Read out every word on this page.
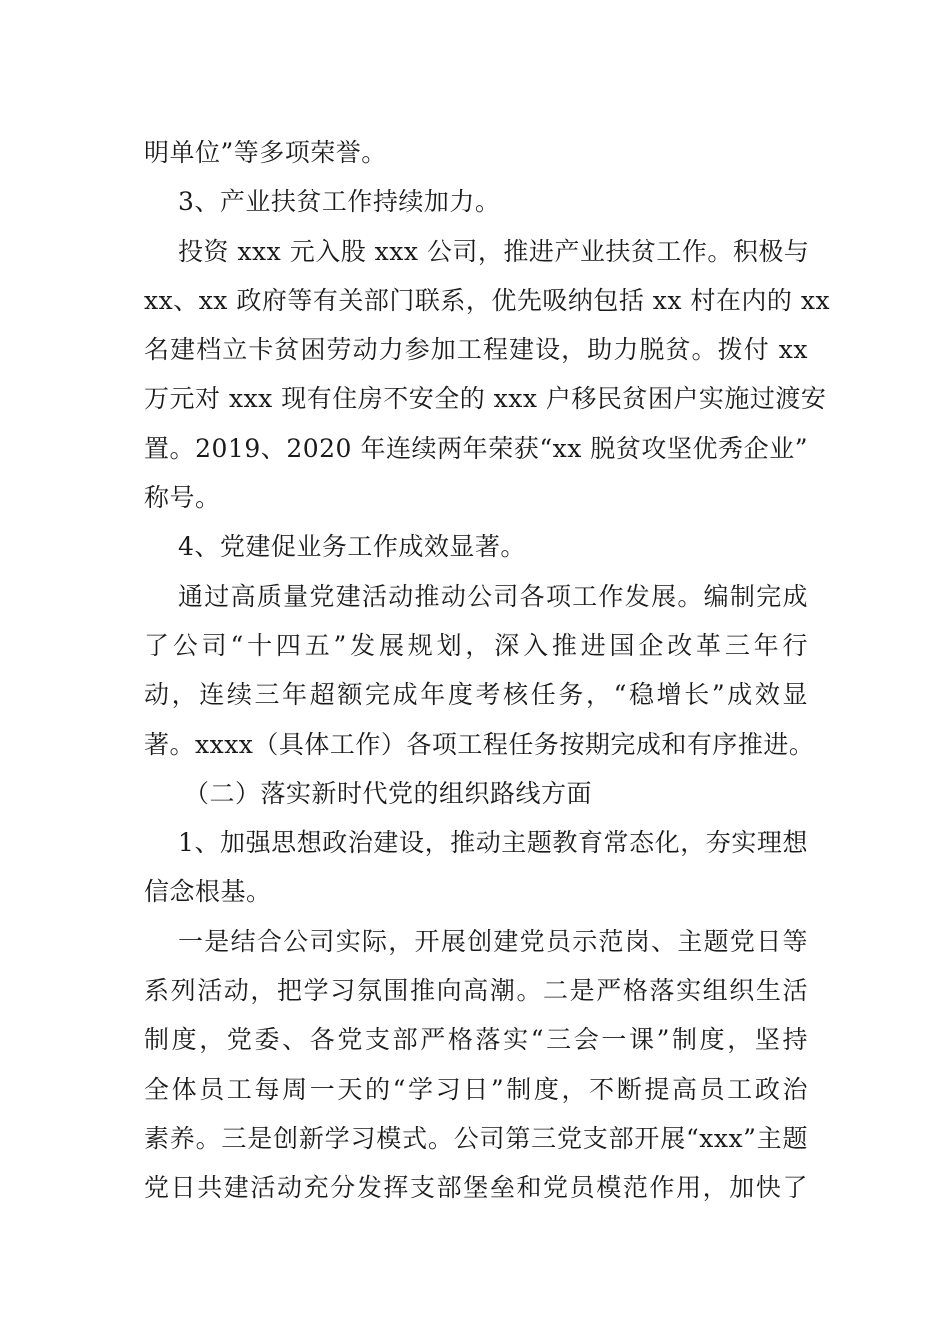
明单位”等多项荣誉。
3、产业扶贫工作持续加力。
投资 xxx 元入股 xxx 公司，推进产业扶贫工作。积极与
xx、xx 政府等有关部门联系，优先吸纳包括 xx 村在内的 xx
名建档立卡贫困劳动力参加工程建设，助力脱贫。拨付 xx
万元对 xxx 现有住房不安全的 xxx 户移民贫困户实施过渡安
置。2019、2020 年连续两年荣获“xx 脱贫攻坚优秀企业”
称号。
4、党建促业务工作成效显著。
通过高质量党建活动推动公司各项工作发展。编制完成
了公司“十四五”发展规划，深入推进国企改革三年行
动，连续三年超额完成年度考核任务，“稳增长”成效显
著。xxxx（具体工作）各项工程任务按期完成和有序推进。
（二）落实新时代党的组织路线方面
1、加强思想政治建设，推动主题教育常态化，夯实理想
信念根基。
一是结合公司实际，开展创建党员示范岗、主题党日等
系列活动，把学习氛围推向高潮。二是严格落实组织生活
制度，党委、各党支部严格落实“三会一课”制度，坚持
全体员工每周一天的“学习日”制度，不断提高员工政治
素养。三是创新学习模式。公司第三党支部开展“xxx”主题
党日共建活动充分发挥支部堡垒和党员模范作用，加快了
